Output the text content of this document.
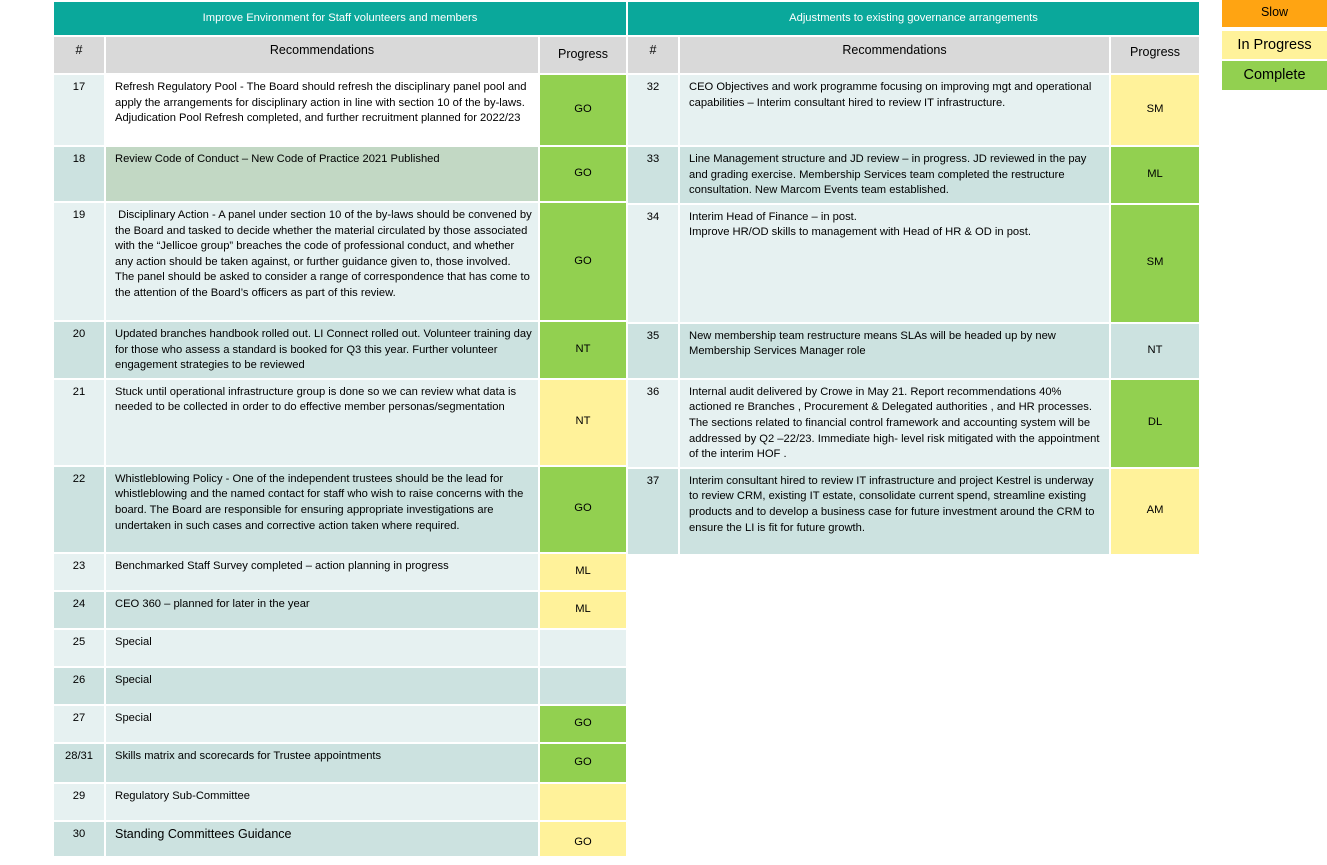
Improve Environment for Staff volunteers and members		
#	Recommendations	Progress
17	Refresh Regulatory Pool - The Board should refresh the disciplinary panel pool and apply the arrangements for disciplinary action in line with section 10 of the by-laws. Adjudication Pool Refresh completed, and further recruitment planned for 2022/23	GO
18	Review Code of Conduct – New Code of Practice 2021 Published	GO
19	Disciplinary Action - A panel under section 10 of the by-laws should be convened by the Board and tasked to decide whether the material circulated by those associated with the “Jellicoe group” breaches the code of professional conduct, and whether any action should be taken against, or further guidance given to, those involved. The panel should be asked to consider a range of correspondence that has come to the attention of the Board’s officers as part of this review.	GO
20	Updated branches handbook rolled out. LI Connect rolled out. Volunteer training day for those who assess a standard is booked for Q3 this year. Further volunteer engagement strategies to be reviewed	NT
21	Stuck until operational infrastructure group is done so we can review what data is needed to be collected in order to do effective member personas/segmentation	NT
22	Whistleblowing Policy - One of the independent trustees should be the lead for whistleblowing and the named contact for staff who wish to raise concerns with the board. The Board are responsible for ensuring appropriate investigations are undertaken in such cases and corrective action taken where required.	GO
23	Benchmarked Staff Survey completed – action planning in progress	ML
24	CEO 360 – planned for later in the year	ML
25	Special	
26	Special	
27	Special	GO
28/31	Skills matrix and scorecards for Trustee appointments	GO
29	Regulatory Sub-Committee	
30	Standing Committees Guidance	GO
Adjustments to existing governance arrangements		
#	Recommendations	Progress
32	CEO Objectives and work programme focusing on improving mgt and operational capabilities – Interim consultant hired to review IT infrastructure.	SM
33	Line Management structure and JD review – in progress. JD reviewed in the pay and grading exercise. Membership Services team completed the restructure consultation. New Marcom Events team established.	ML
34	Interim Head of Finance – in post.
Improve HR/OD skills to management with Head of HR & OD in post.	SM
35	New membership team restructure means SLAs will be headed up by new Membership Services Manager role	NT
36	Internal audit delivered by Crowe in May 21. Report recommendations 40% actioned re Branches , Procurement & Delegated authorities , and HR processes. The sections related to financial control framework and accounting system will be addressed by Q2 –22/23. Immediate high- level risk mitigated with the appointment of the interim HOF .	DL
37	Interim consultant hired to review IT infrastructure and project Kestrel is underway to review CRM, existing IT estate, consolidate current spend, streamline existing products and to develop a business case for future investment around the CRM to ensure the LI is fit for future growth.	AM
Slow
In Progress
Complete
